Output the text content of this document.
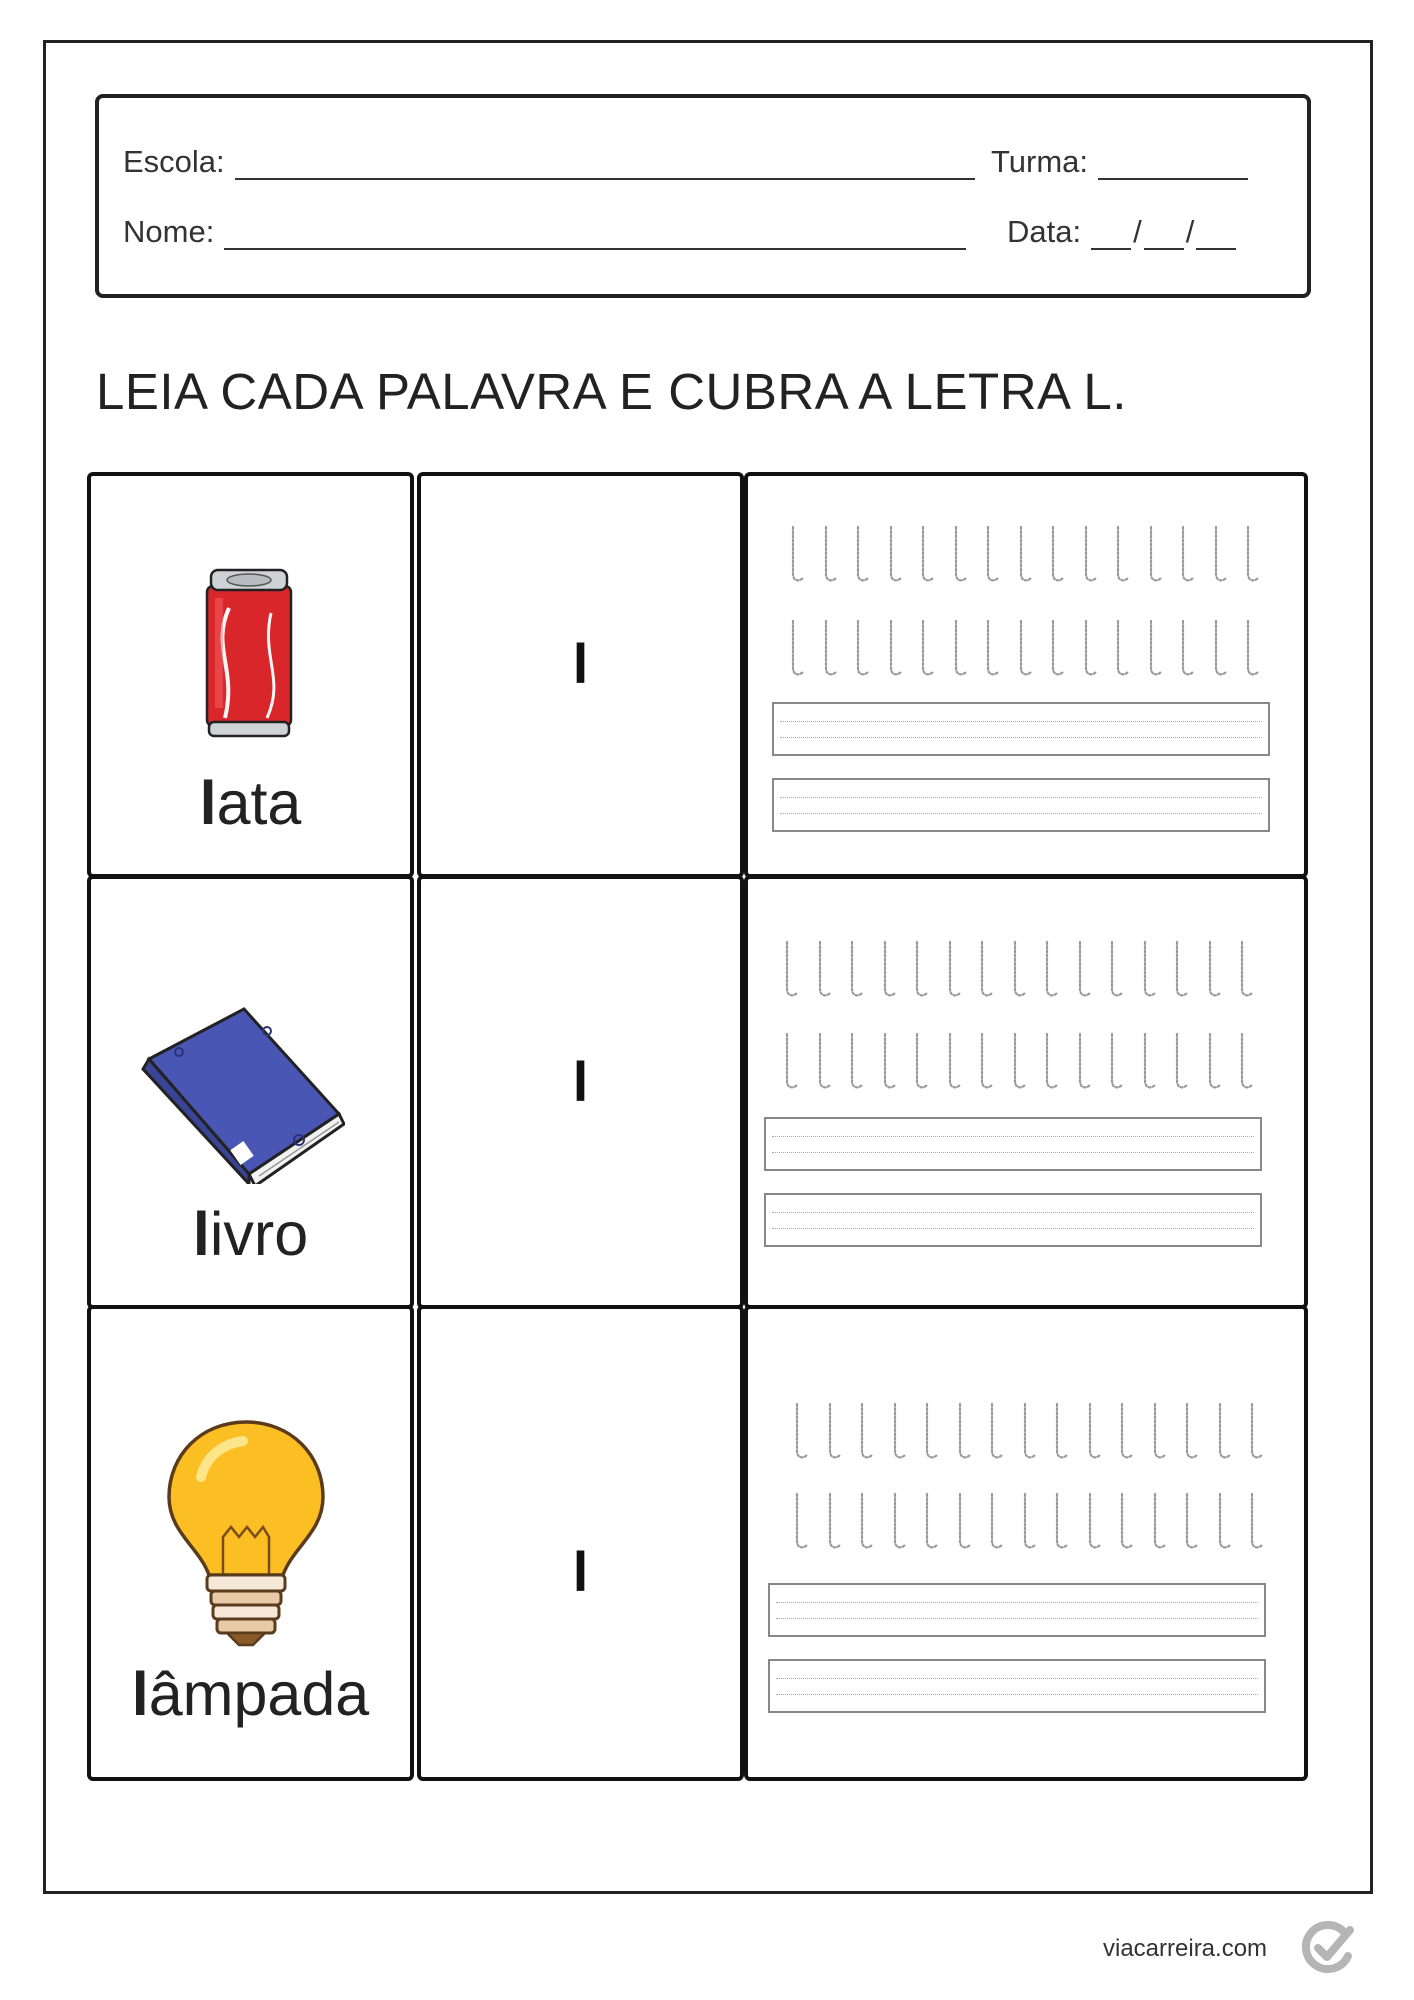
Escola:	Turma:
Nome:	Data: / /
LEIA CADA PALAVRA E CUBRA A LETRA L.
lata
l
livro
l
lâmpada
l
viacarreira.com
